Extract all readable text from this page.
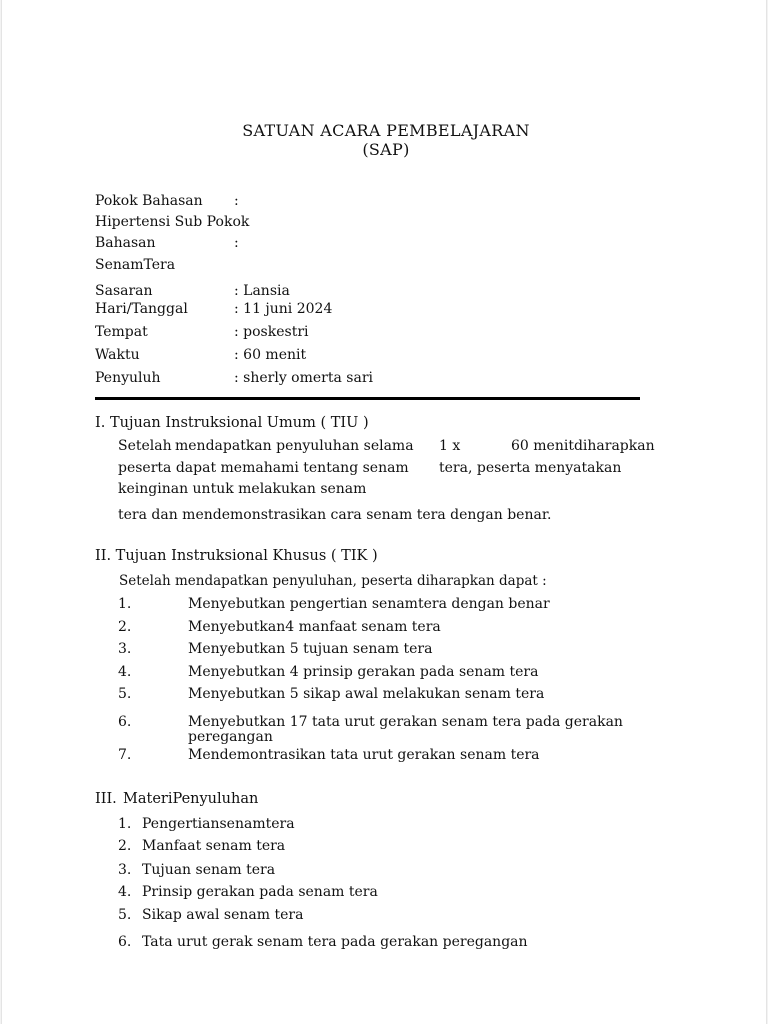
SATUAN ACARA PEMBELAJARAN
(SAP)
Pokok Bahasan :
Hipertensi Sub Pokok
Bahasan	:
SenamTera
Sasaran	: Lansia
Hari/Tanggal	: 11 juni 2024
Tempat	: poskestri
Waktu	: 60 menit
Penyuluh	: sherly omerta sari
I. Tujuan Instruksional Umum ( TIU )
Setelah mendapatkan penyuluhan selama 1 x	60 menitdiharapkan
peserta dapat memahami tentang senam tera, peserta menyatakan
keinginan untuk melakukan senam
tera dan mendemonstrasikan cara senam tera dengan benar.
II. Tujuan Instruksional Khusus ( TIK )
Setelah mendapatkan penyuluhan, peserta diharapkan dapat :
1.	Menyebutkan pengertian senamtera dengan benar
2.	Menyebutkan4 manfaat senam tera
3.	Menyebutkan 5 tujuan senam tera
4.	Menyebutkan 4 prinsip gerakan pada senam tera
5.	Menyebutkan 5 sikap awal melakukan senam tera
6.	Menyebutkan 17 tata urut gerakan senam tera pada gerakan
peregangan
7.	Mendemontrasikan tata urut gerakan senam tera
III. MateriPenyuluhan
1. Pengertiansenamtera
2. Manfaat senam tera
3. Tujuan senam tera
4. Prinsip gerakan pada senam tera
5. Sikap awal senam tera
6. Tata urut gerak senam tera pada gerakan peregangan
